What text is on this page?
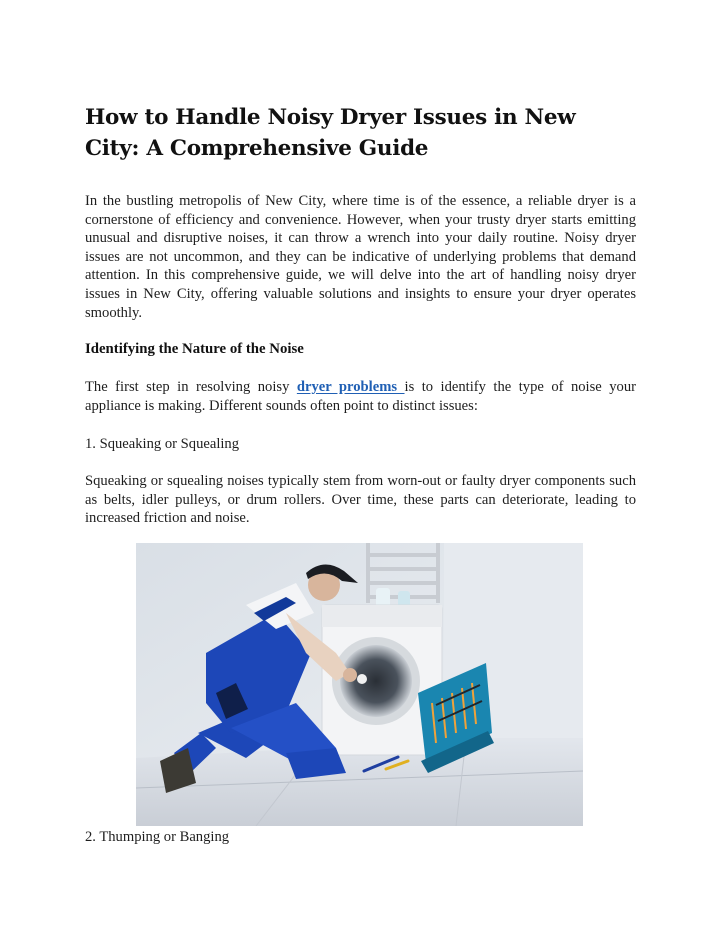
How to Handle Noisy Dryer Issues in New City: A Comprehensive Guide

In the bustling metropolis of New City, where time is of the essence, a reliable dryer is a cornerstone of efficiency and convenience. However, when your trusty dryer starts emitting unusual and disruptive noises, it can throw a wrench into your daily routine. Noisy dryer issues are not uncommon, and they can be indicative of underlying problems that demand attention. In this comprehensive guide, we will delve into the art of handling noisy dryer issues in New City, offering valuable solutions and insights to ensure your dryer operates smoothly.

Identifying the Nature of the Noise

The first step in resolving noisy dryer problems is to identify the type of noise your appliance is making. Different sounds often point to distinct issues:

1. Squeaking or Squealing

Squeaking or squealing noises typically stem from worn-out or faulty dryer components such as belts, idler pulleys, or drum rollers. Over time, these parts can deteriorate, leading to increased friction and noise.

2. Thumping or Banging
